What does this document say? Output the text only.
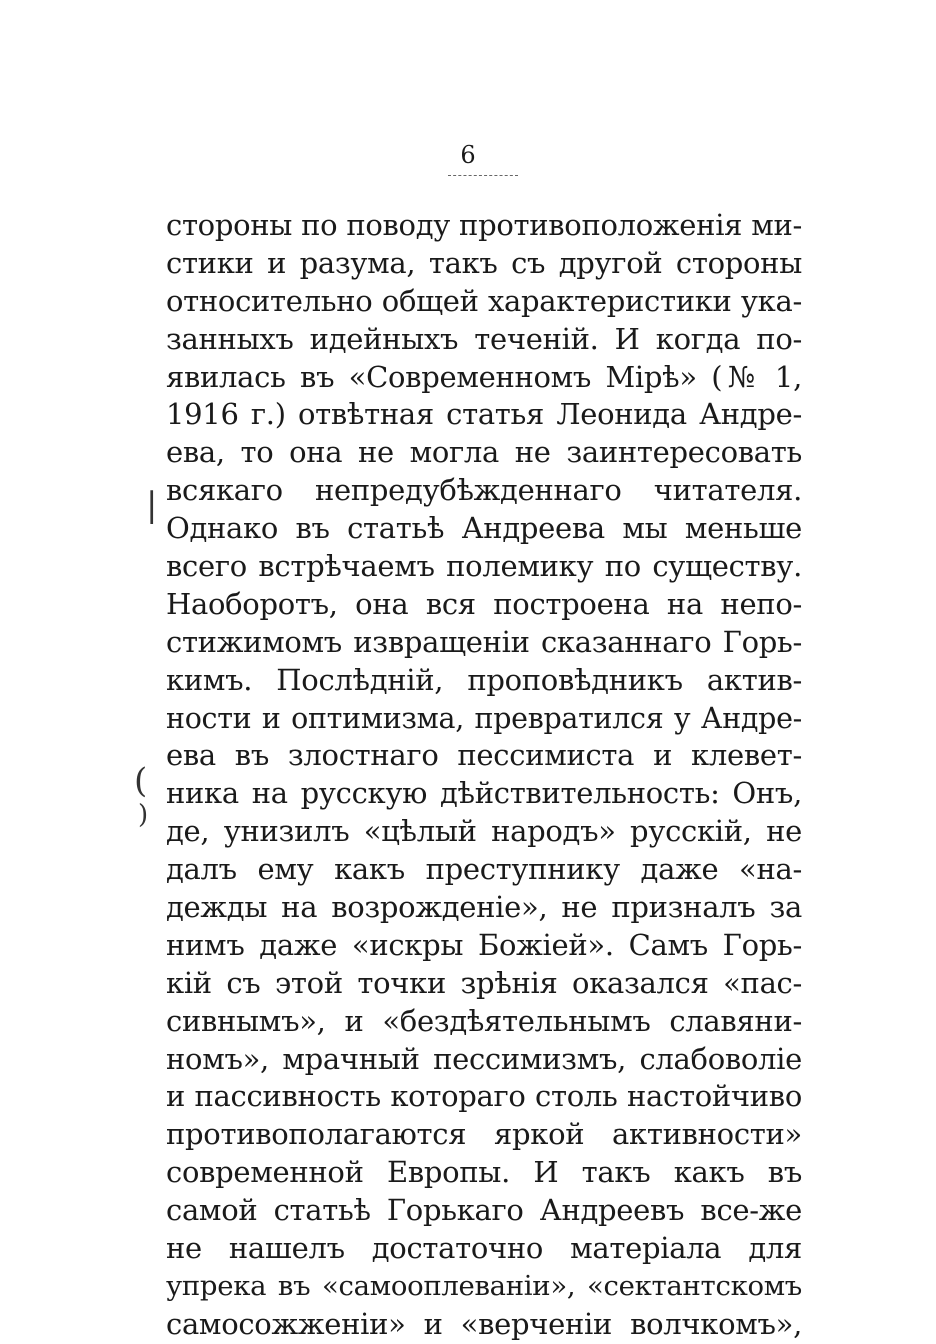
6
|
(
)
стороны по поводу противоположенія ми-
стики и разума, такъ съ другой стороны
относительно общей характеристики ука-
занныхъ идейныхъ теченій. И когда по-
явилась въ «Современномъ Мірѣ» (№ 1,
1916 г.) отвѣтная статья Леонида Андре-
ева, то она не могла не заинтересовать
всякаго непредубѣжденнаго читателя.
Однако въ статьѣ Андреева мы меньше
всего встрѣчаемъ полемику по существу.
Наоборотъ, она вся построена на непо-
стижимомъ извращеніи сказаннаго Горь-
кимъ. Послѣдній, проповѣдникъ актив-
ности и оптимизма, превратился у Андре-
ева въ злостнаго пессимиста и клевет-
ника на русскую дѣйствительность: Онъ,
де, унизилъ «цѣлый народъ» русскій, не
далъ ему какъ преступнику даже «на-
дежды на возрожденіе», не призналъ за
нимъ даже «искры Божіей». Самъ Горь-
кій съ этой точки зрѣнія оказался «пас-
сивнымъ», и «бездѣятельнымъ славяни-
номъ», мрачный пессимизмъ, слабоволіе
и пассивность котораго столь настойчиво
противополагаются яркой активности»
современной Европы. И такъ какъ въ
самой статьѣ Горькаго Андреевъ все-же
не нашелъ достаточно матеріала для
упрека въ «самооплеваніи», «сектантскомъ
самосожженіи» и «верченіи волчкомъ»,
